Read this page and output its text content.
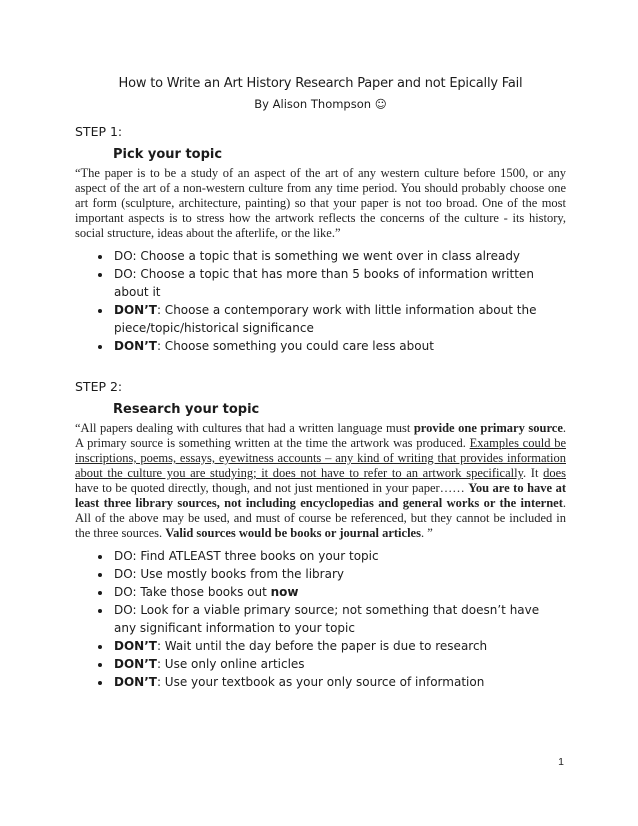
How to Write an Art History Research Paper and not Epically Fail
By Alison Thompson ☺
STEP 1:
Pick your topic

“The paper is to be a study of an aspect of the art of any western culture before 1500, or any aspect of the art of a non-western culture from any time period. You should probably choose one art form (sculpture, architecture, painting) so that your paper is not too broad. One of the most important aspects is to stress how the artwork reflects the concerns of the culture - its history, social structure, ideas about the afterlife, or the like.”

• DO: Choose a topic that is something we went over in class already
• DO: Choose a topic that has more than 5 books of information written about it
• DON’T: Choose a contemporary work with little information about the piece/topic/historical significance
• DON’T: Choose something you could care less about
STEP 2:
Research your topic

“All papers dealing with cultures that had a written language must provide one primary source. A primary source is something written at the time the artwork was produced. Examples could be inscriptions, poems, essays, eyewitness accounts – any kind of writing that provides information about the culture you are studying; it does not have to refer to an artwork specifically. It does have to be quoted directly, though, and not just mentioned in your paper…… You are to have at least three library sources, not including encyclopedias and general works or the internet. All of the above may be used, and must of course be referenced, but they cannot be included in the three sources. Valid sources would be books or journal articles. ”

• DO: Find ATLEAST three books on your topic
• DO: Use mostly books from the library
• DO: Take those books out now
• DO: Look for a viable primary source; not something that doesn’t have any significant information to your topic
• DON’T: Wait until the day before the paper is due to research
• DON’T: Use only online articles
• DON’T: Use your textbook as your only source of information
1
